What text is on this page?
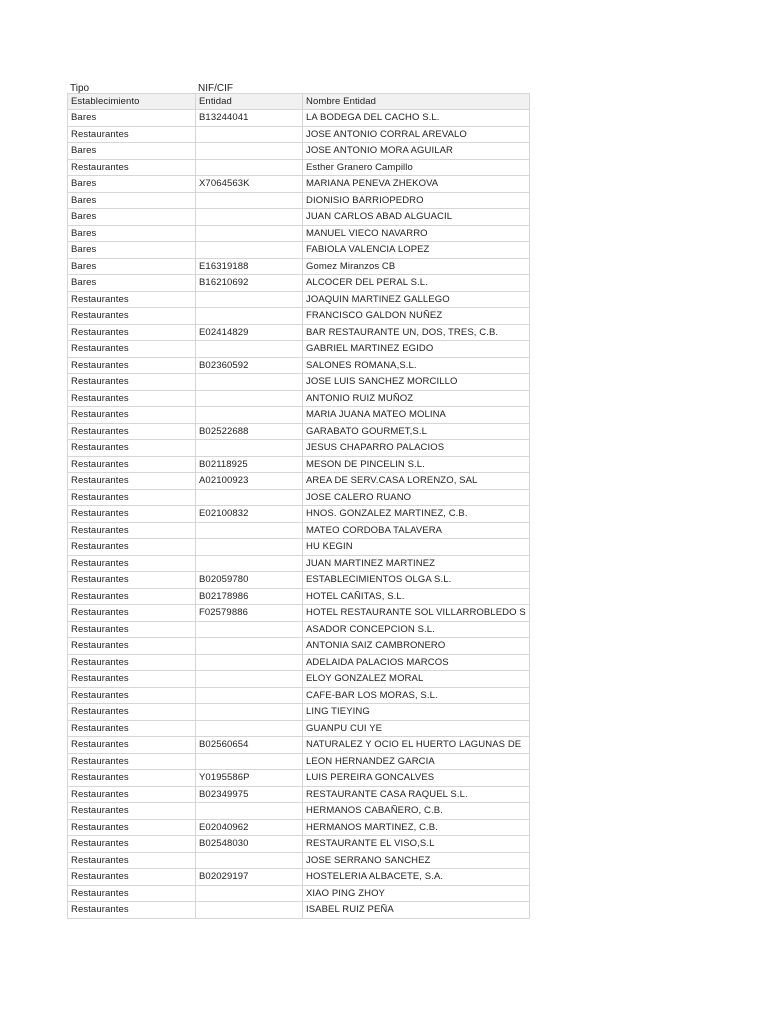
Tipo	NIF/CIF
Establecimiento	Entidad	Nombre Entidad
Bares	B13244041	LA BODEGA DEL CACHO S.L.
Restaurantes		JOSE ANTONIO CORRAL AREVALO
Bares		JOSE ANTONIO MORA AGUILAR
Restaurantes		Esther Granero Campillo
Bares	X7064563K	MARIANA PENEVA ZHEKOVA
Bares		DIONISIO BARRIOPEDRO
Bares		JUAN CARLOS ABAD ALGUACIL
Bares		MANUEL VIECO NAVARRO
Bares		FABIOLA VALENCIA LOPEZ
Bares	E16319188	Gomez Miranzos CB
Bares	B16210692	ALCOCER DEL PERAL S.L.
Restaurantes		JOAQUIN MARTINEZ GALLEGO
Restaurantes		FRANCISCO GALDON NUÑEZ
Restaurantes	E02414829	BAR RESTAURANTE UN, DOS, TRES, C.B.
Restaurantes		GABRIEL MARTINEZ EGIDO
Restaurantes	B02360592	SALONES ROMANA,S.L.
Restaurantes		JOSE LUIS SANCHEZ MORCILLO
Restaurantes		ANTONIO RUIZ MUÑOZ
Restaurantes		MARIA JUANA MATEO MOLINA
Restaurantes	B02522688	GARABATO GOURMET,S.L
Restaurantes		JESUS CHAPARRO PALACIOS
Restaurantes	B02118925	MESON DE PINCELIN S.L.
Restaurantes	A02100923	AREA DE SERV.CASA LORENZO, SAL
Restaurantes		JOSE CALERO RUANO
Restaurantes	E02100832	HNOS. GONZALEZ MARTINEZ, C.B.
Restaurantes		MATEO CORDOBA TALAVERA
Restaurantes		HU KEGIN
Restaurantes		JUAN MARTINEZ MARTINEZ
Restaurantes	B02059780	ESTABLECIMIENTOS OLGA S.L.
Restaurantes	B02178986	HOTEL CAÑITAS, S.L.
Restaurantes	F02579886	HOTEL RESTAURANTE SOL VILLARROBLEDO S
Restaurantes		ASADOR CONCEPCION S.L.
Restaurantes		ANTONIA SAIZ CAMBRONERO
Restaurantes		ADELAIDA PALACIOS MARCOS
Restaurantes		ELOY GONZALEZ MORAL
Restaurantes		CAFE-BAR LOS MORAS, S.L.
Restaurantes		LING TIEYING
Restaurantes		GUANPU CUI YE
Restaurantes	B02560654	NATURALEZ Y OCIO EL HUERTO LAGUNAS DE
Restaurantes		LEON HERNANDEZ GARCIA
Restaurantes	Y0195586P	LUIS PEREIRA GONCALVES
Restaurantes	B02349975	RESTAURANTE CASA RAQUEL S.L.
Restaurantes		HERMANOS CABAÑERO, C.B.
Restaurantes	E02040962	HERMANOS MARTINEZ, C.B.
Restaurantes	B02548030	RESTAURANTE EL VISO,S.L
Restaurantes		JOSE SERRANO SANCHEZ
Restaurantes	B02029197	HOSTELERIA ALBACETE, S.A.
Restaurantes		XIAO PING ZHOY
Restaurantes		ISABEL RUIZ PEÑA
